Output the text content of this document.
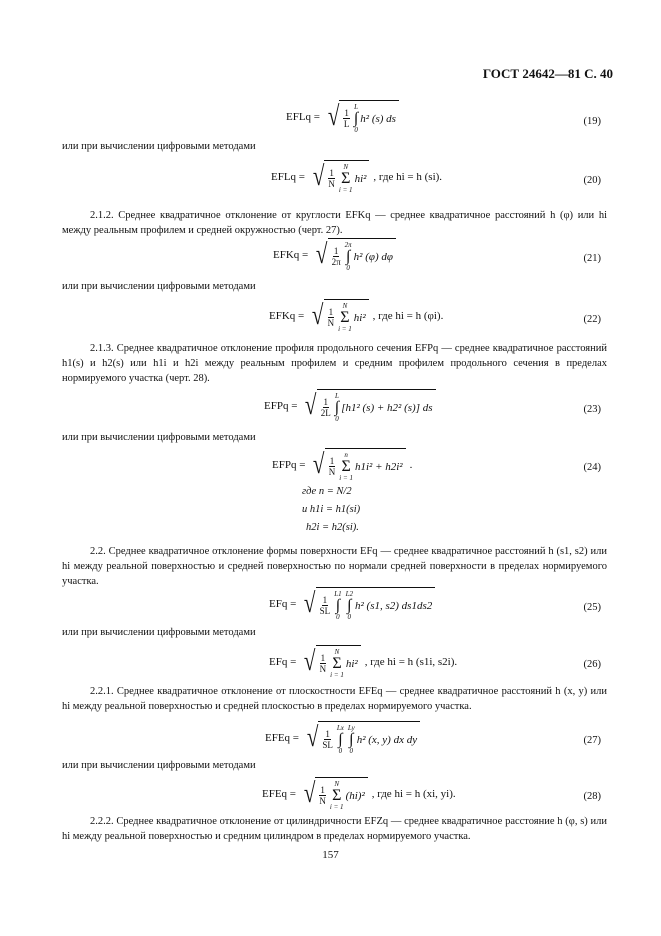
ГОСТ 24642—81 С. 40
EFLq = √ $\frac{1}{L}$
L
∫
0
h² (s) ds	(19)
или при вычислении цифровыми методами
EFLq = √ $\frac{1}{N}$
N
Σ
i = 1
hi² , где hi = h (si).	(20)
2.1.2. Среднее квадратичное отклонение от круглости EFKq — среднее квадратичное расстояний h (φ) или hi между реальным профилем и средней окружностью (черт. 27).
EFKq = √ $\frac{1}{2\pi}$
2π
∫
0
h² (φ) dφ	(21)
или при вычислении цифровыми методами
EFKq = √ $\frac{1}{N}$
N
Σ
i = 1
hi² , где hi = h (φi).	(22)
2.1.3. Среднее квадратичное отклонение профиля продольного сечения EFPq — среднее квадратичное расстояний h1(s) и h2(s) или h1i и h2i между реальным профилем и средним профилем продольного сечения в пределах нормируемого участка (черт. 28).
EFPq = √ $\frac{1}{2L}$
L
∫
0
[h1² (s) + h2² (s)] ds	(23)
или при вычислении цифровыми методами
EFPq = √ $\frac{1}{N}$
n
Σ
i = 1
h1i² + h2i² .	(24)
где n = N/2
и h1i = h1(si)
h2i = h2(si).
2.2. Среднее квадратичное отклонение формы поверхности EFq — среднее квадратичное расстояний h (s1, s2) или hi между реальной поверхностью и средней поверхностью по нормали средней поверхности в пределах нормируемого участка.
EFq = √ $\frac{1}{SL}$
L1
∫
0
L2
∫
0
h² (s1, s2) ds1ds2	(25)
или при вычислении цифровыми методами
EFq = √ $\frac{1}{N}$
N
Σ
i = 1
hi² , где hi = h (s1i, s2i).	(26)
2.2.1. Среднее квадратичное отклонение от плоскостности EFEq — среднее квадратичное расстояний h (x, y) или hi между реальной поверхностью и средней плоскостью в пределах нормируемого участка.
EFEq = √ $\frac{1}{SL}$
Lx
∫
0
Ly
∫
0
h² (x, y) dx dy	(27)
или при вычислении цифровыми методами
EFEq = √ $\frac{1}{N}$
N
Σ
i = 1
(hi)² , где hi = h (xi, yi).	(28)
2.2.2. Среднее квадратичное отклонение от цилиндричности EFZq — среднее квадратичное расстояние h (φ, s) или hi между реальной поверхностью и средним цилиндром в пределах нормируемого участка.
157
